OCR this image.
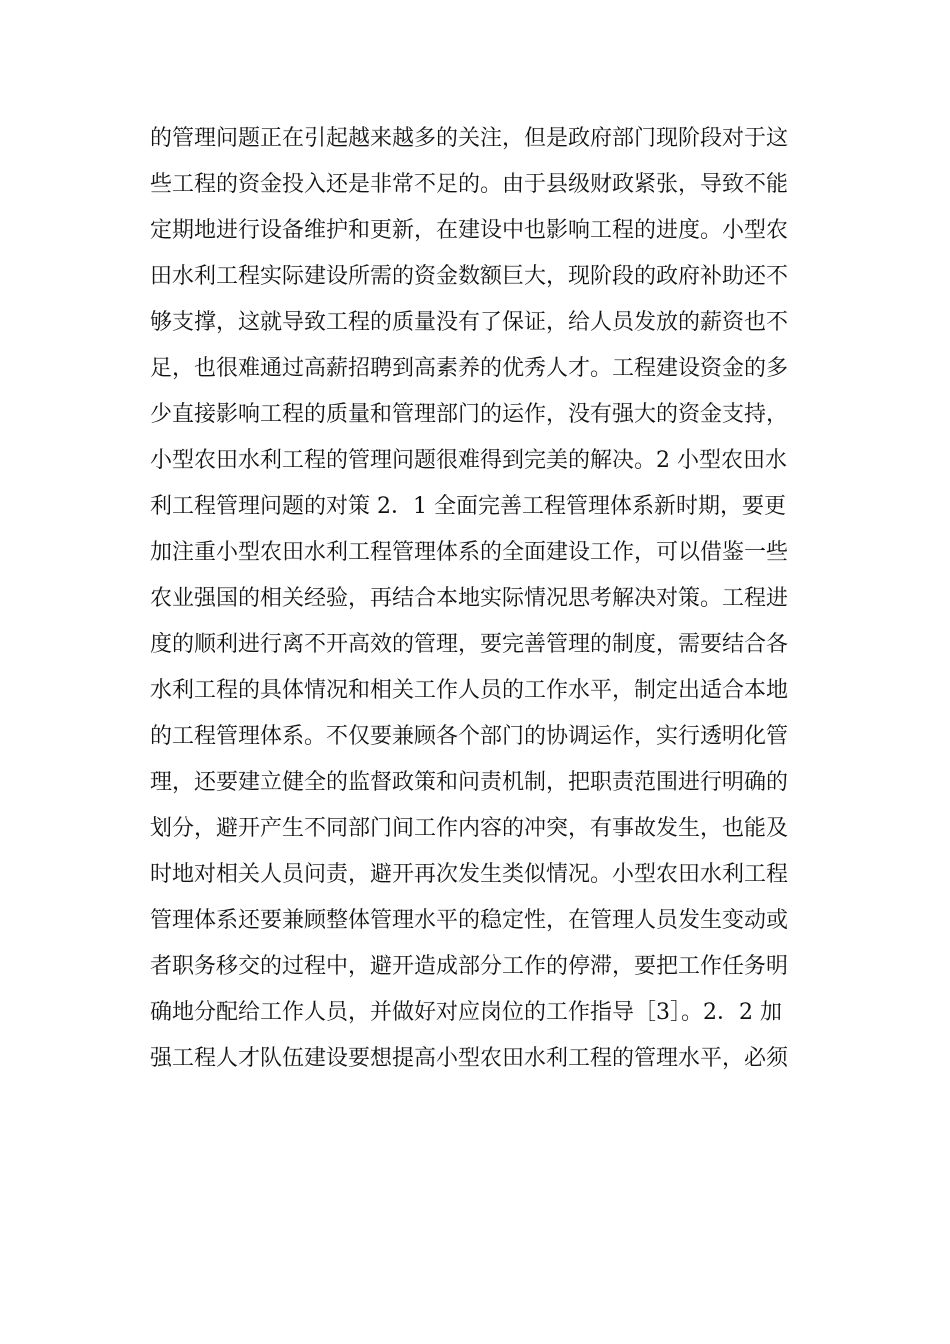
的管理问题正在引起越来越多的关注，但是政府部门现阶段对于这
些工程的资金投入还是非常不足的。由于县级财政紧张，导致不能
定期地进行设备维护和更新，在建设中也影响工程的进度。小型农
田水利工程实际建设所需的资金数额巨大，现阶段的政府补助还不
够支撑，这就导致工程的质量没有了保证，给人员发放的薪资也不
足，也很难通过高薪招聘到高素养的优秀人才。工程建设资金的多
少直接影响工程的质量和管理部门的运作，没有强大的资金支持，
小型农田水利工程的管理问题很难得到完美的解决。2 小型农田水
利工程管理问题的对策 2．1 全面完善工程管理体系新时期，要更
加注重小型农田水利工程管理体系的全面建设工作，可以借鉴一些
农业强国的相关经验，再结合本地实际情况思考解决对策。工程进
度的顺利进行离不开高效的管理，要完善管理的制度，需要结合各
水利工程的具体情况和相关工作人员的工作水平，制定出适合本地
的工程管理体系。不仅要兼顾各个部门的协调运作，实行透明化管
理，还要建立健全的监督政策和问责机制，把职责范围进行明确的
划分，避开产生不同部门间工作内容的冲突，有事故发生，也能及
时地对相关人员问责，避开再次发生类似情况。小型农田水利工程
管理体系还要兼顾整体管理水平的稳定性，在管理人员发生变动或
者职务移交的过程中，避开造成部分工作的停滞，要把工作任务明
确地分配给工作人员，并做好对应岗位的工作指导［3］。2．2 加
强工程人才队伍建设要想提高小型农田水利工程的管理水平，必须
